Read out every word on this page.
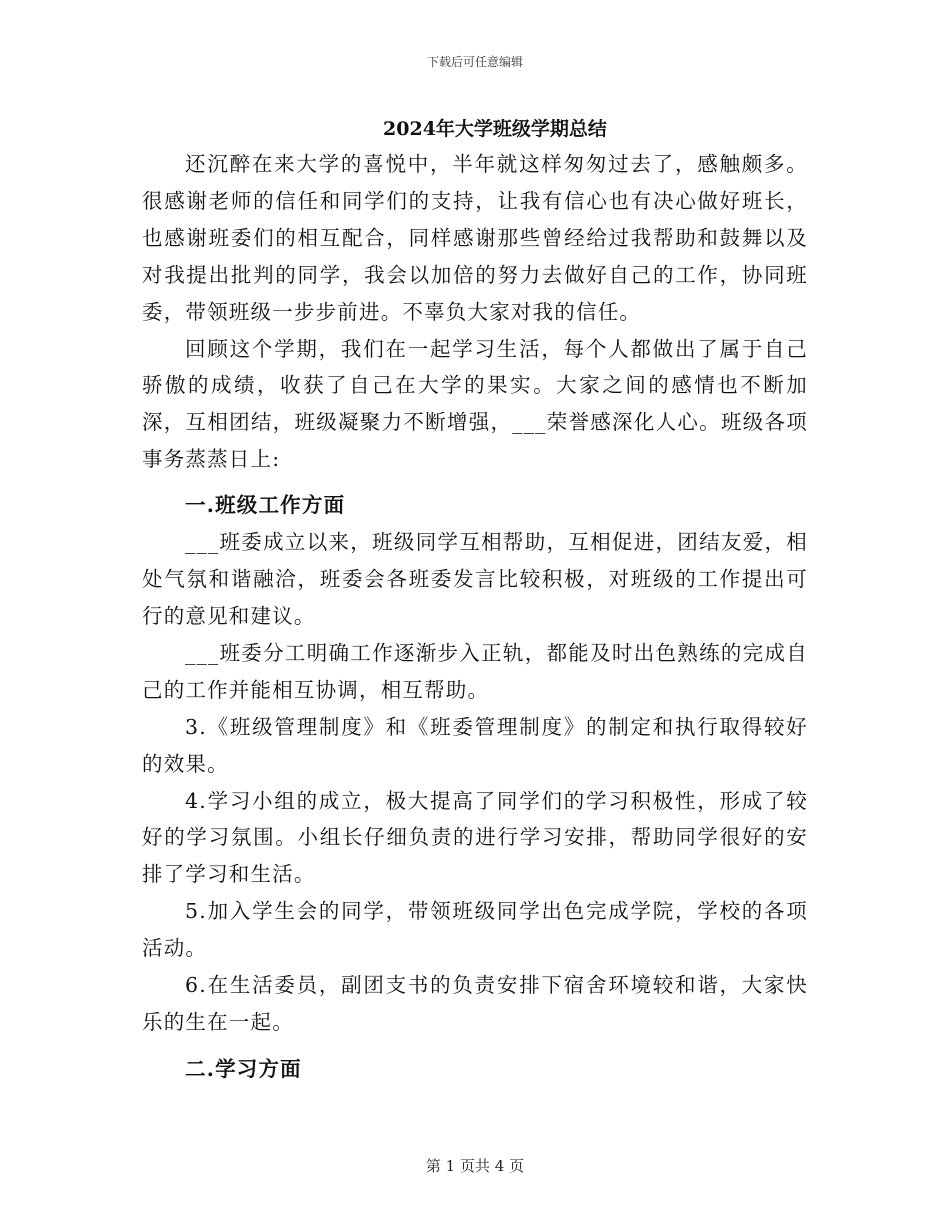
下载后可任意编辑
2024年大学班级学期总结

还沉醉在来大学的喜悦中，半年就这样匆匆过去了，感触颇多。很感谢老师的信任和同学们的支持，让我有信心也有决心做好班长，也感谢班委们的相互配合，同样感谢那些曾经给过我帮助和鼓舞以及对我提出批判的同学，我会以加倍的努力去做好自己的工作，协同班委，带领班级一步步前进。不辜负大家对我的信任。

回顾这个学期，我们在一起学习生活，每个人都做出了属于自己骄傲的成绩，收获了自己在大学的果实。大家之间的感情也不断加深，互相团结，班级凝聚力不断增强，___荣誉感深化人心。班级各项事务蒸蒸日上:

一.班级工作方面

___班委成立以来，班级同学互相帮助，互相促进，团结友爱，相处气氛和谐融洽，班委会各班委发言比较积极，对班级的工作提出可行的意见和建议。

___班委分工明确工作逐渐步入正轨，都能及时出色熟练的完成自己的工作并能相互协调，相互帮助。

3.《班级管理制度》和《班委管理制度》的制定和执行取得较好的效果。

4.学习小组的成立，极大提高了同学们的学习积极性，形成了较好的学习氛围。小组长仔细负责的进行学习安排，帮助同学很好的安排了学习和生活。

5.加入学生会的同学，带领班级同学出色完成学院，学校的各项活动。

6.在生活委员，副团支书的负责安排下宿舍环境较和谐，大家快乐的生在一起。

二.学习方面
第 1 页共 4 页
